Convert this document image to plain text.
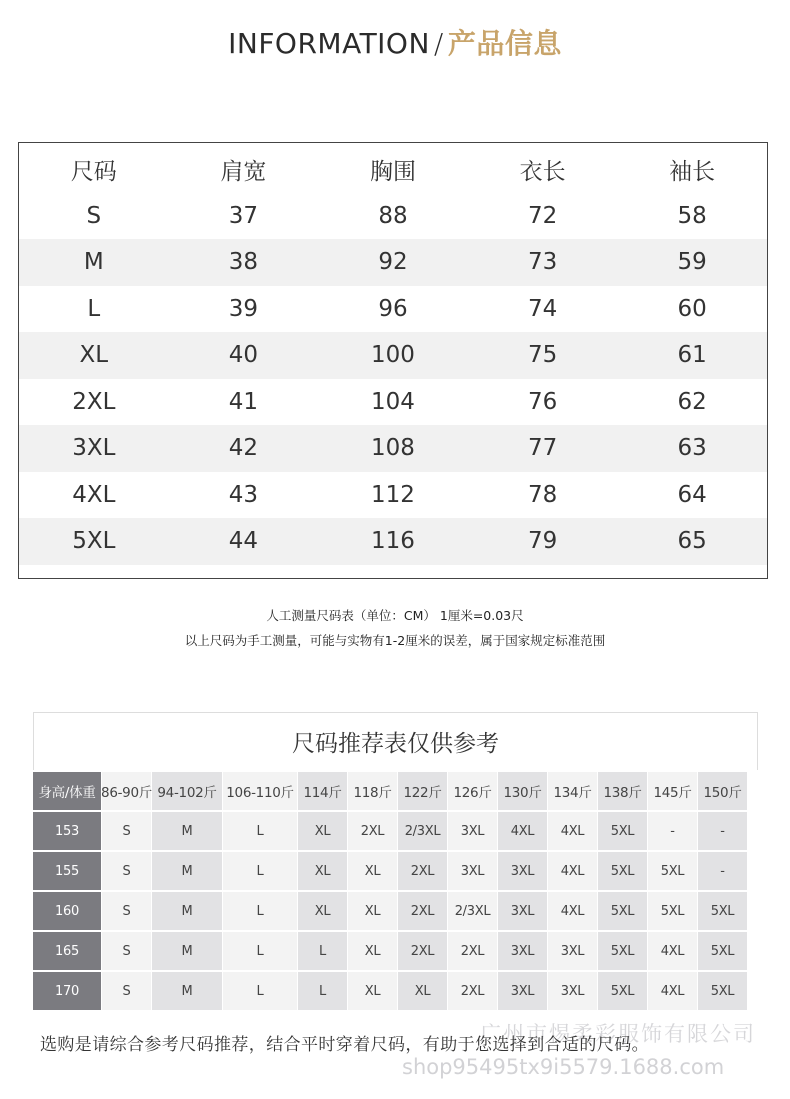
INFORMATION / 产品信息
尺码	肩宽	胸围	衣长	袖长
S	37	88	72	58
M	38	92	73	59
L	39	96	74	60
XL	40	100	75	61
2XL	41	104	76	62
3XL	42	108	77	63
4XL	43	112	78	64
5XL	44	116	79	65
人工测量尺码表（单位：CM） 1厘米=0.03尺
以上尺码为手工测量，可能与实物有1-2厘米的误差，属于国家规定标准范围
尺码推荐表仅供参考
身高/体重 86-90斤 94-102斤 106-110斤 114斤 118斤 122斤 126斤 130斤 134斤 138斤 145斤 150斤
153	S	M	L	XL	2XL	2/3XL	3XL	4XL	4XL	5XL	-	-
155	S	M	L	XL	XL	2XL	3XL	3XL	4XL	5XL	5XL	-
160	S	M	L	XL	XL	2XL	2/3XL	3XL	4XL	5XL	5XL	5XL
165	S	M	L	L	XL	2XL	2XL	3XL	3XL	5XL	4XL	5XL
170	S	M	L	L	XL	XL	2XL	3XL	3XL	5XL	4XL	5XL
广州市惕柔彩服饰有限公司
选购是请综合参考尺码推荐，结合平时穿着尺码，有助于您选择到合适的尺码。
shop95495tx9i5579.1688.com
